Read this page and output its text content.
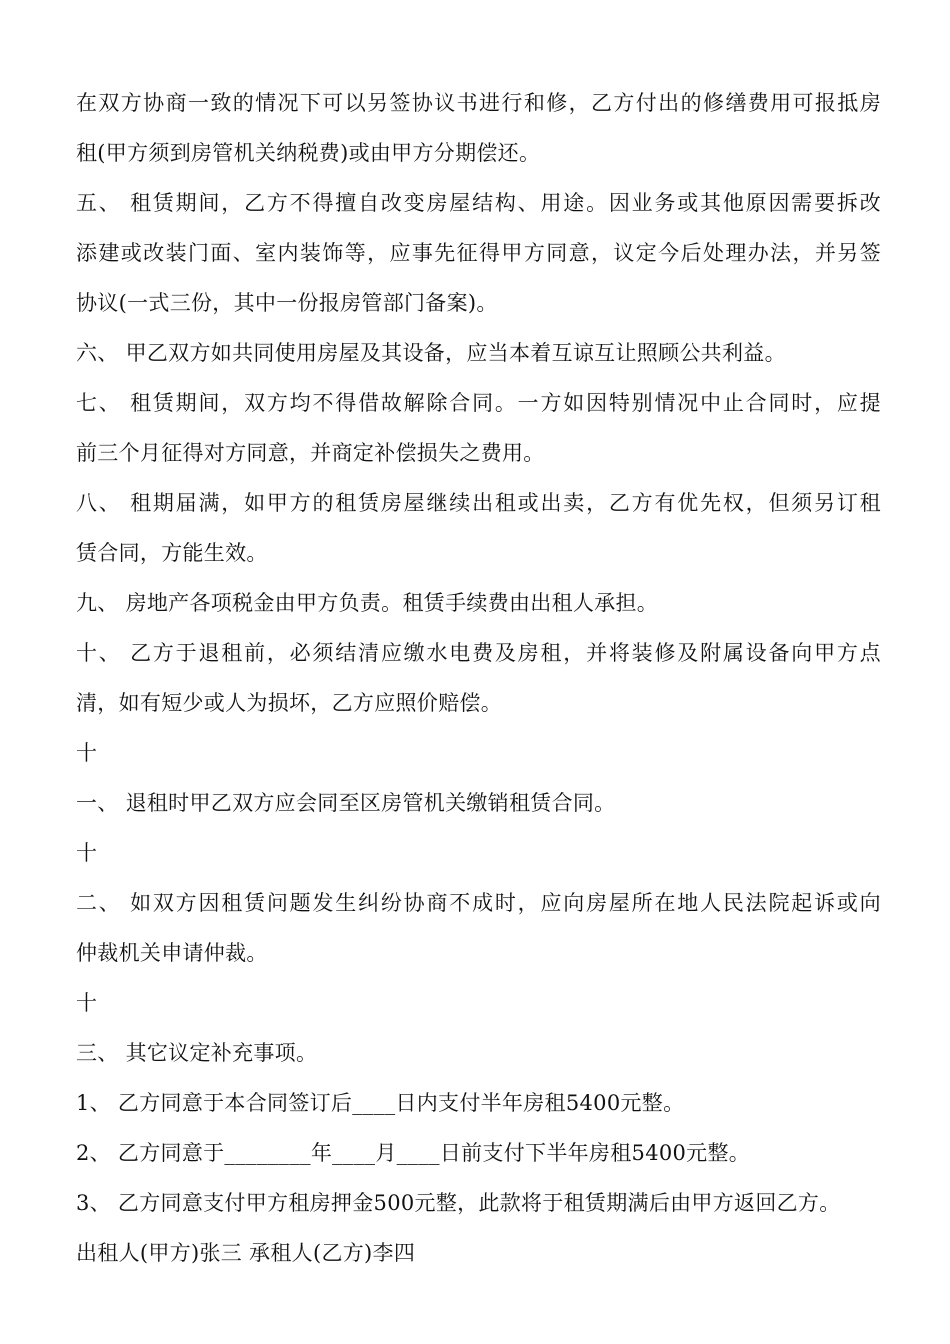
在双方协商一致的情况下可以另签协议书进行和修，乙方付出的修缮费用可报抵房
租(甲方须到房管机关纳税费)或由甲方分期偿还。
五、 租赁期间，乙方不得擅自改变房屋结构、用途。因业务或其他原因需要拆改
添建或改装门面、室内装饰等，应事先征得甲方同意，议定今后处理办法，并另签
协议(一式三份，其中一份报房管部门备案)。
六、 甲乙双方如共同使用房屋及其设备，应当本着互谅互让照顾公共利益。
七、 租赁期间，双方均不得借故解除合同。一方如因特别情况中止合同时，应提
前三个月征得对方同意，并商定补偿损失之费用。
八、 租期届满，如甲方的租赁房屋继续出租或出卖，乙方有优先权，但须另订租
赁合同，方能生效。
九、 房地产各项税金由甲方负责。租赁手续费由出租人承担。
十、 乙方于退租前，必须结清应缴水电费及房租，并将装修及附属设备向甲方点
清，如有短少或人为损坏，乙方应照价赔偿。
十
一、 退租时甲乙双方应会同至区房管机关缴销租赁合同。
十
二、 如双方因租赁问题发生纠纷协商不成时，应向房屋所在地人民法院起诉或向
仲裁机关申请仲裁。
十
三、 其它议定补充事项。
1、 乙方同意于本合同签订后____日内支付半年房租5400元整。
2、 乙方同意于________年____月____日前支付下半年房租5400元整。
3、 乙方同意支付甲方租房押金500元整，此款将于租赁期满后由甲方返回乙方。
出租人(甲方)张三 承租人(乙方)李四
